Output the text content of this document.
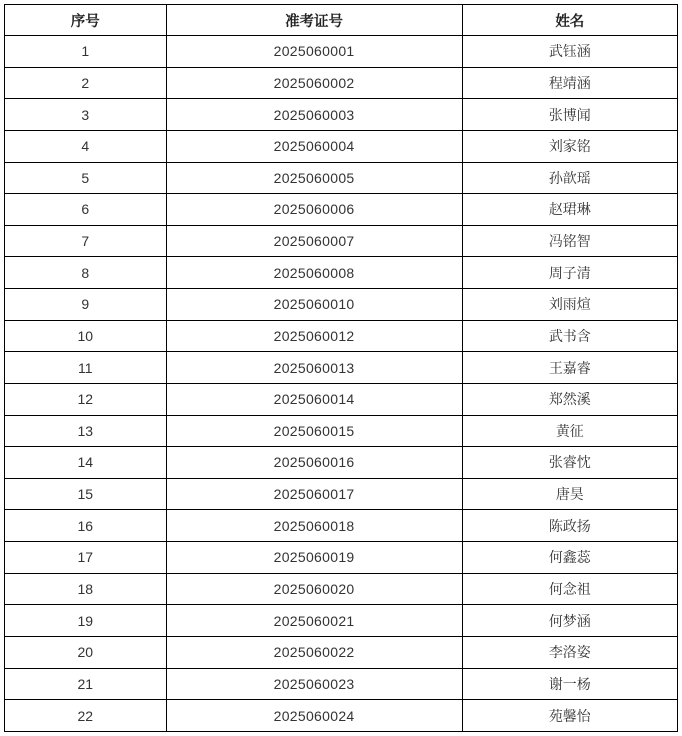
序号	准考证号	姓名
1	2025060001	武钰涵
2	2025060002	程靖涵
3	2025060003	张博闻
4	2025060004	刘家铭
5	2025060005	孙歆瑶
6	2025060006	赵珺琳
7	2025060007	冯铭智
8	2025060008	周子清
9	2025060010	刘雨煊
10	2025060012	武书含
11	2025060013	王嘉睿
12	2025060014	郑然溪
13	2025060015	黄征
14	2025060016	张睿忱
15	2025060017	唐昊
16	2025060018	陈政扬
17	2025060019	何鑫蕊
18	2025060020	何念祖
19	2025060021	何梦涵
20	2025060022	李洛姿
21	2025060023	谢一杨
22	2025060024	苑馨怡
